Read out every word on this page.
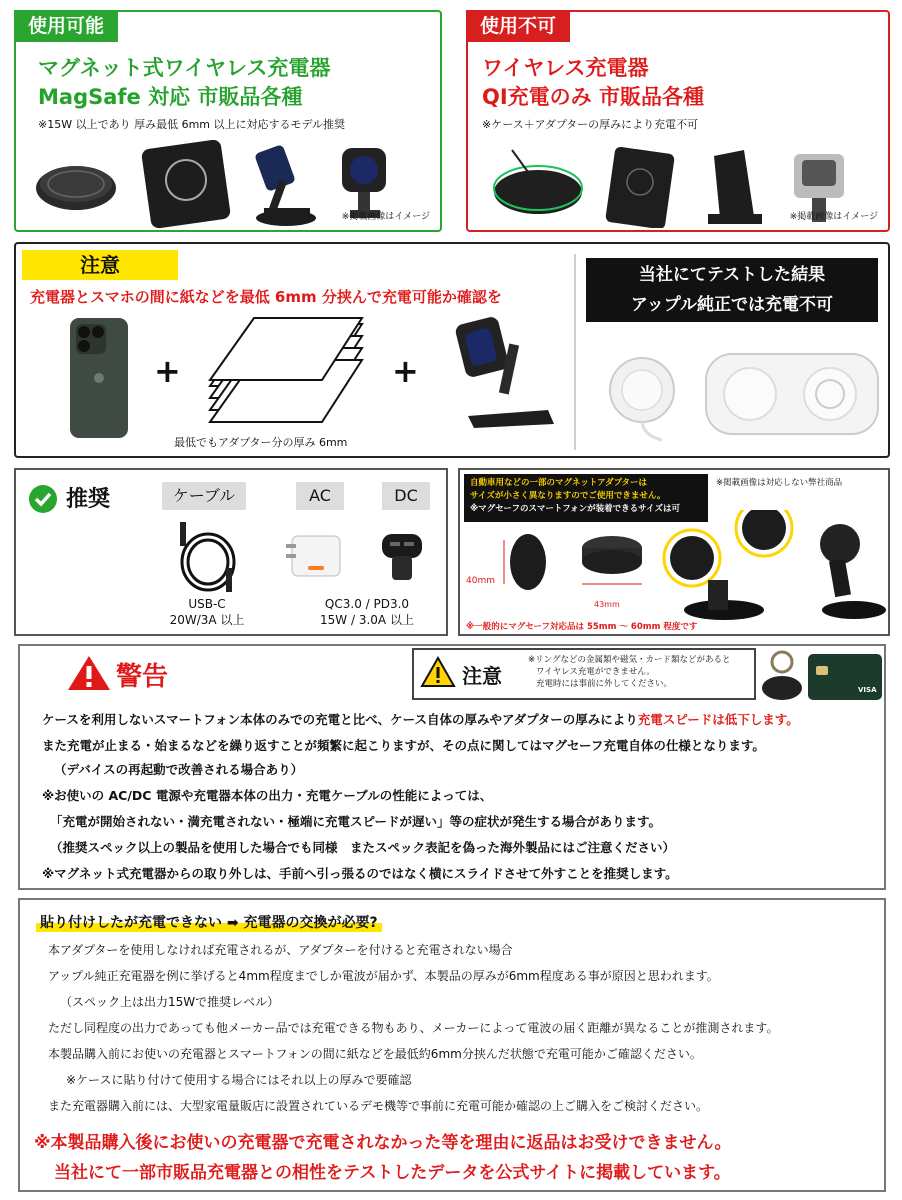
使用可能
マグネット式ワイヤレス充電器
MagSafe 対応 市販品各種
※15W 以上であり 厚み最低 6mm 以上に対応するモデル推奨
※掲載画像はイメージ
使用不可
ワイヤレス充電器
QI充電のみ 市販品各種
※ケース＋アダプターの厚みにより充電不可
※掲載画像はイメージ
注意
充電器とスマホの間に紙などを最低 6mm 分挟んで充電可能か確認を
+
最低でもアダプター分の厚み 6mm
+
当社にてテストした結果
アップル純正では充電不可
推奨	ケーブル	AC	DC
USB-C
20W/3A 以上
QC3.0 / PD3.0
15W / 3.0A 以上
自動車用などの一部のマグネットアダプターは
サイズが小さく異なりますのでご使用できません。
※マグセーフのスマートフォンが装着できるサイズは可
※掲載画像は対応しない弊社商品
40mm
43mm
※一般的にマグセーフ対応品は 55mm ～ 60mm 程度です
警告	注意
※リングなどの金属類や磁気・カード類などがあると
ワイヤレス充電ができません。
充電時には事前に外してください。
VISA
ケースを利用しないスマートフォン本体のみでの充電と比べ、ケース自体の厚みやアダプターの厚みにより充電スピードは低下します。
また充電が止まる・始まるなどを繰り返すことが頻繁に起こりますが、その点に関してはマグセーフ充電自体の仕様となります。
（デバイスの再起動で改善される場合あり）
※お使いの AC/DC 電源や充電器本体の出力・充電ケーブルの性能によっては、
「充電が開始されない・満充電されない・極端に充電スピードが遅い」等の症状が発生する場合があります。
（推奨スペック以上の製品を使用した場合でも同様　またスペック表記を偽った海外製品にはご注意ください）
※マグネット式充電器からの取り外しは、手前へ引っ張るのではなく横にスライドさせて外すことを推奨します。
貼り付けしたが充電できない ➡ 充電器の交換が必要?
本アダプターを使用しなければ充電されるが、アダプターを付けると充電されない場合
アップル純正充電器を例に挙げると4mm程度までしか電波が届かず、本製品の厚みが6mm程度ある事が原因と思われます。
（スペック上は出力15Wで推奨レベル）
ただし同程度の出力であっても他メーカー品では充電できる物もあり、メーカーによって電波の届く距離が異なることが推測されます。
本製品購入前にお使いの充電器とスマートフォンの間に紙などを最低約6mm分挟んだ状態で充電可能かご確認ください。
※ケースに貼り付けて使用する場合にはそれ以上の厚みで要確認
また充電器購入前には、大型家電量販店に設置されているデモ機等で事前に充電可能か確認の上ご購入をご検討ください。
※本製品購入後にお使いの充電器で充電されなかった等を理由に返品はお受けできません。
当社にて一部市販品充電器との相性をテストしたデータを公式サイトに掲載しています。
